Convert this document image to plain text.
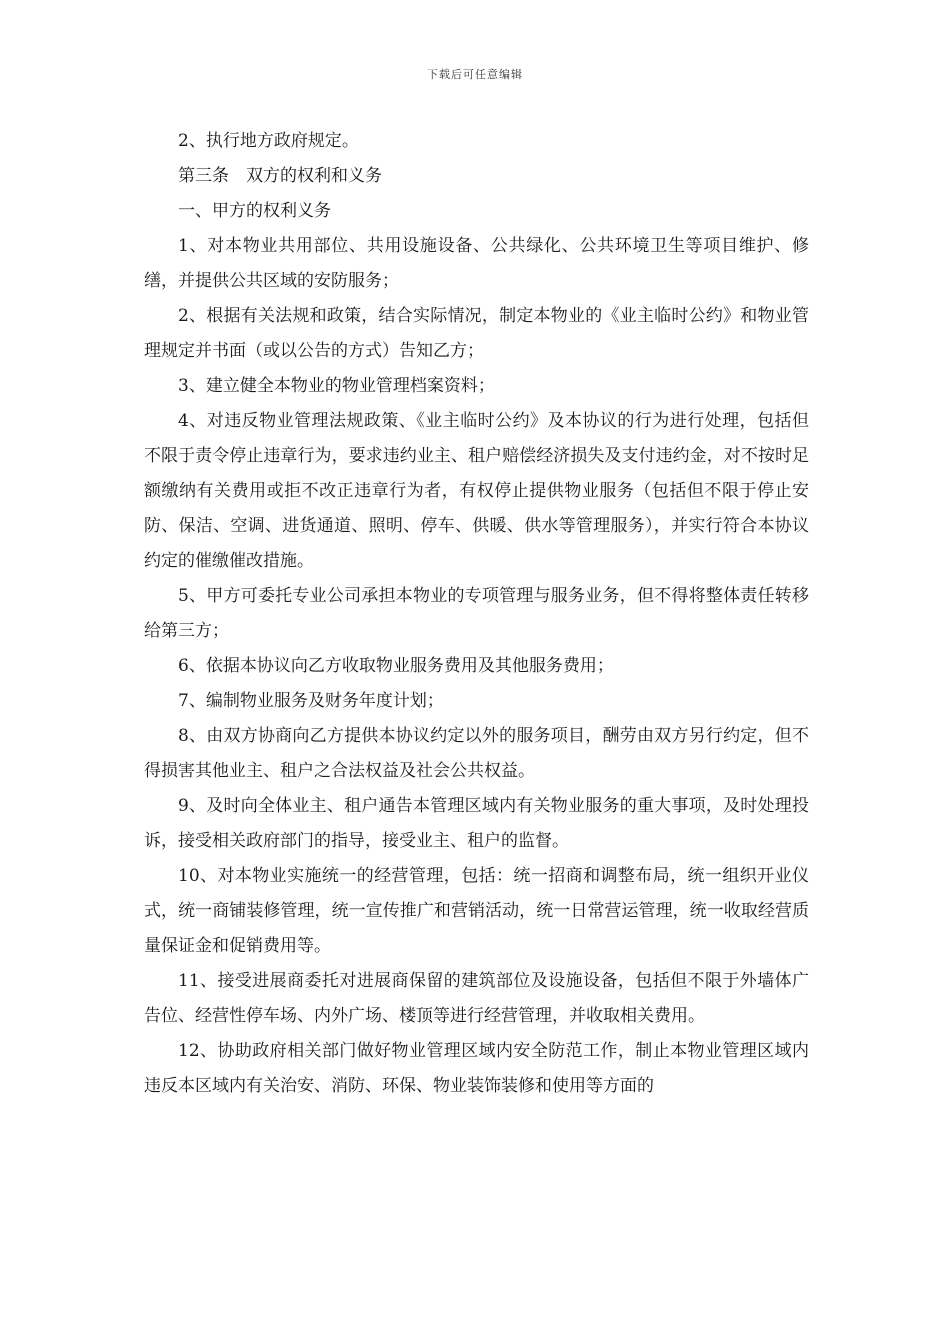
下载后可任意编辑

2、执行地方政府规定。

第三条　双方的权利和义务

一、甲方的权利义务

1、对本物业共用部位、共用设施设备、公共绿化、公共环境卫生等项目维护、修缮，并提供公共区域的安防服务；

2、根据有关法规和政策，结合实际情况，制定本物业的《业主临时公约》和物业管理规定并书面（或以公告的方式）告知乙方；

3、建立健全本物业的物业管理档案资料；

4、对违反物业管理法规政策、《业主临时公约》及本协议的行为进行处理，包括但不限于责令停止违章行为，要求违约业主、租户赔偿经济损失及支付违约金，对不按时足额缴纳有关费用或拒不改正违章行为者，有权停止提供物业服务（包括但不限于停止安防、保洁、空调、进货通道、照明、停车、供暖、供水等管理服务），并实行符合本协议约定的催缴催改措施。

5、甲方可委托专业公司承担本物业的专项管理与服务业务，但不得将整体责任转移给第三方；

6、依据本协议向乙方收取物业服务费用及其他服务费用；

7、编制物业服务及财务年度计划；

8、由双方协商向乙方提供本协议约定以外的服务项目，酬劳由双方另行约定，但不得损害其他业主、租户之合法权益及社会公共权益。

9、及时向全体业主、租户通告本管理区域内有关物业服务的重大事项，及时处理投诉，接受相关政府部门的指导，接受业主、租户的监督。

10、对本物业实施统一的经营管理，包括：统一招商和调整布局，统一组织开业仪式，统一商铺装修管理，统一宣传推广和营销活动，统一日常营运管理，统一收取经营质量保证金和促销费用等。

11、接受进展商委托对进展商保留的建筑部位及设施设备，包括但不限于外墙体广告位、经营性停车场、内外广场、楼顶等进行经营管理，并收取相关费用。

12、协助政府相关部门做好物业管理区域内安全防范工作，制止本物业管理区域内违反本区域内有关治安、消防、环保、物业装饰装修和使用等方面的
